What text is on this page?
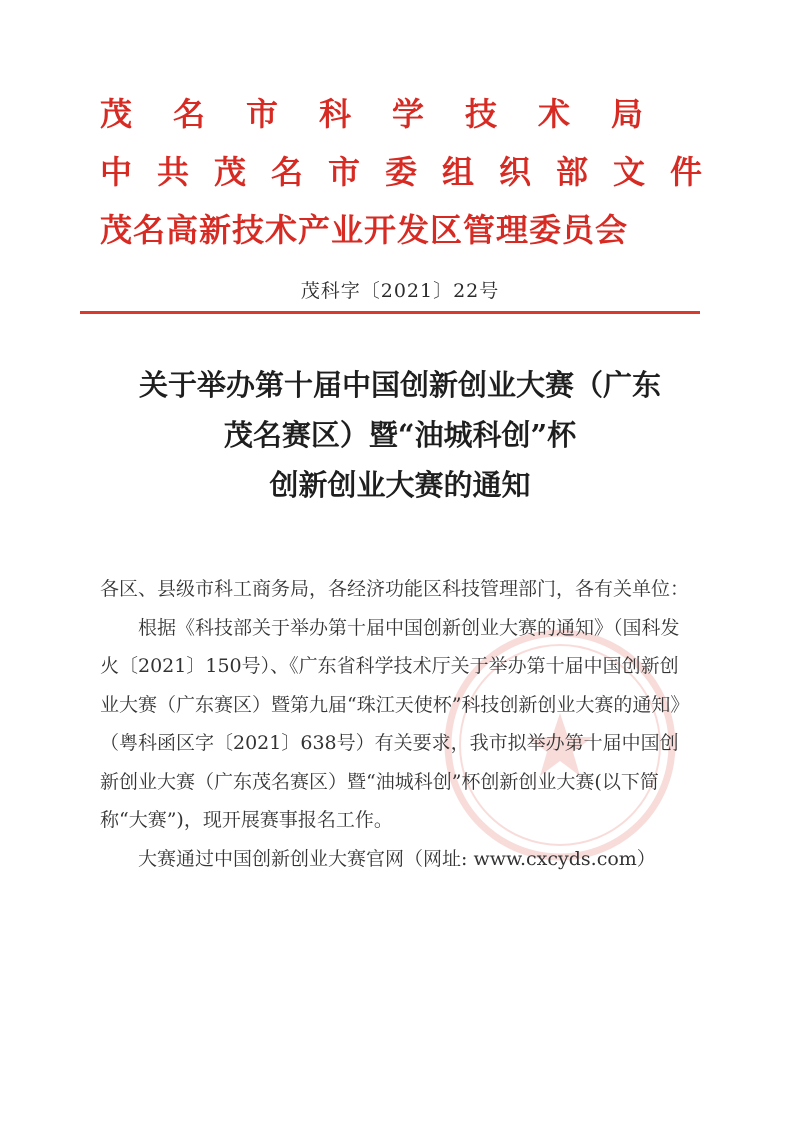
茂名市科学技术局
中共茂名市委组织部文件
茂名高新技术产业开发区管理委员会
茂科字〔2021〕22号
关于举办第十届中国创新创业大赛（广东
茂名赛区）暨“油城科创”杯
创新创业大赛的通知

各区、县级市科工商务局，各经济功能区科技管理部门，各有关单位：

根据《科技部关于举办第十届中国创新创业大赛的通知》（国科发火〔2021〕150号）、《广东省科学技术厅关于举办第十届中国创新创业大赛（广东赛区）暨第九届“珠江天使杯”科技创新创业大赛的通知》（粤科函区字〔2021〕638号）有关要求，我市拟举办第十届中国创新创业大赛（广东茂名赛区）暨“油城科创”杯创新创业大赛(以下简称“大赛”)，现开展赛事报名工作。

大赛通过中国创新创业大赛官网（网址: www.cxcyds.com）
